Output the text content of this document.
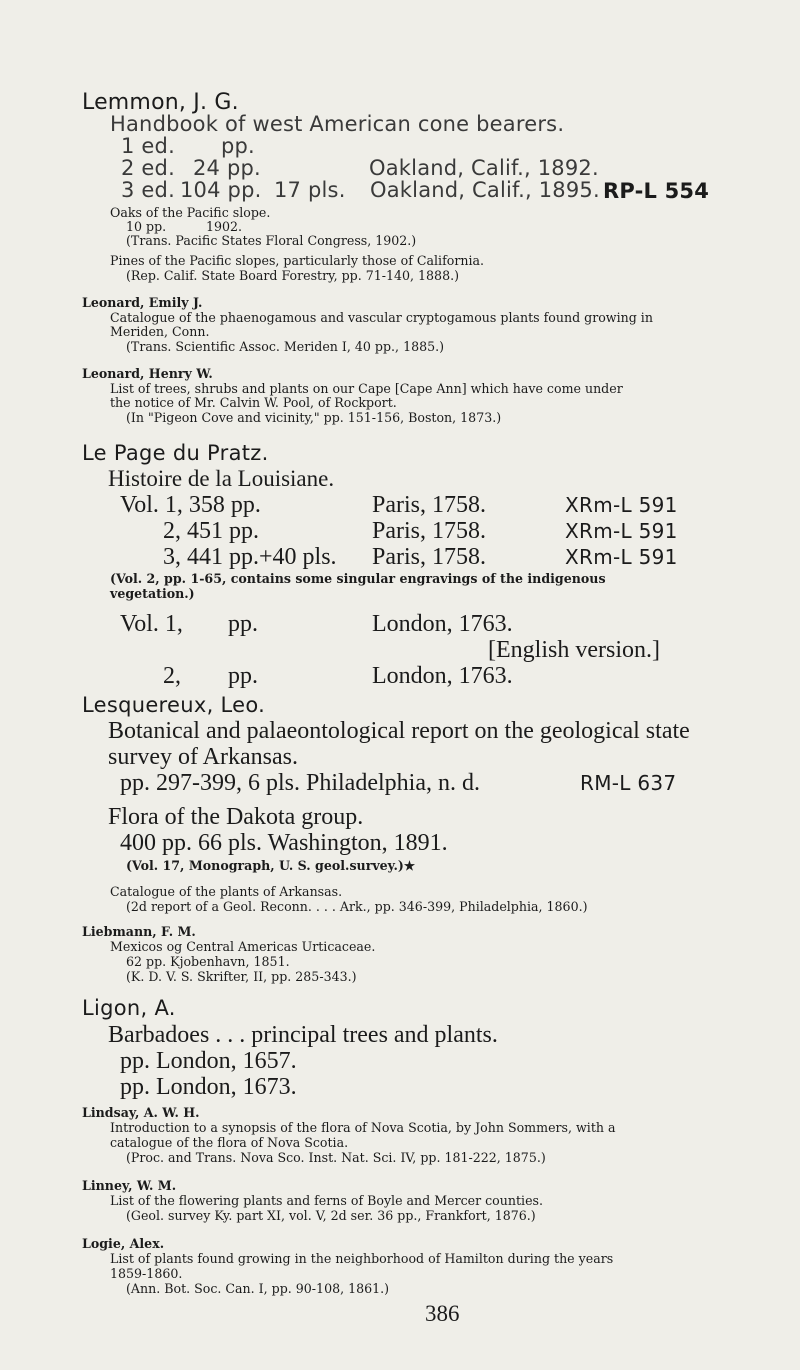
Lemmon, J. G.
Handbook of west American cone bearers.
1 ed. pp.
2 ed. 24 pp.	Oakland, Calif., 1892.
3 ed. 104 pp. 17 pls. Oakland, Calif., 1895. RP-L 554
Oaks of the Pacific slope.
10 pp.	1902.
(Trans. Pacific States Floral Congress, 1902.)
Pines of the Pacific slopes, particularly those of California.
(Rep. Calif. State Board Forestry, pp. 71-140, 1888.)
Leonard, Emily J.
Catalogue of the phaenogamous and vascular cryptogamous plants found growing in
Meriden, Conn.
(Trans. Scientific Assoc. Meriden I, 40 pp., 1885.)
Leonard, Henry W.
List of trees, shrubs and plants on our Cape [Cape Ann] which have come under
the notice of Mr. Calvin W. Pool, of Rockport.
(In "Pigeon Cove and vicinity," pp. 151-156, Boston, 1873.)
Le Page du Pratz.
Histoire de la Louisiane.
Vol. 1, 358 pp.	Paris, 1758.	XRm-L 591
2, 451 pp.	Paris, 1758.	XRm-L 591
3, 441 pp.+40 pls. Paris, 1758.	XRm-L 591
(Vol. 2, pp. 1-65, contains some singular engravings of the indigenous
vegetation.)
Vol. 1, pp.	London, 1763.
[English version.]
2, pp.	London, 1763.
Lesquereux, Leo.
Botanical and palaeontological report on the geological state
survey of Arkansas.
pp. 297-399, 6 pls. Philadelphia, n. d.	RM-L 637
Flora of the Dakota group.
400 pp. 66 pls. Washington, 1891.
(Vol. 17, Monograph, U. S. geol.survey.)★
Catalogue of the plants of Arkansas.
(2d report of a Geol. Reconn. . . . Ark., pp. 346-399, Philadelphia, 1860.)
Liebmann, F. M.
Mexicos og Central Americas Urticaceae.
62 pp. Kjobenhavn, 1851.
(K. D. V. S. Skrifter, II, pp. 285-343.)
Ligon, A.
Barbadoes . . . principal trees and plants.
pp. London, 1657.
pp. London, 1673.
Lindsay, A. W. H.
Introduction to a synopsis of the flora of Nova Scotia, by John Sommers, with a
catalogue of the flora of Nova Scotia.
(Proc. and Trans. Nova Sco. Inst. Nat. Sci. IV, pp. 181-222, 1875.)
Linney, W. M.
List of the flowering plants and ferns of Boyle and Mercer counties.
(Geol. survey Ky. part XI, vol. V, 2d ser. 36 pp., Frankfort, 1876.)
Logie, Alex.
List of plants found growing in the neighborhood of Hamilton during the years
1859-1860.
(Ann. Bot. Soc. Can. I, pp. 90-108, 1861.)
386
